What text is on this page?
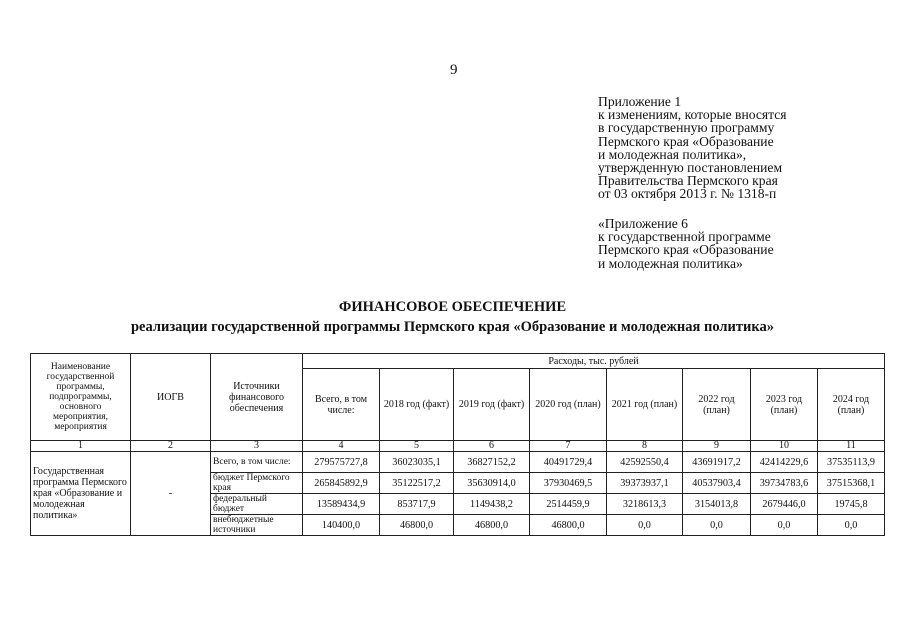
9
Приложение 1
к изменениям, которые вносятся
в государственную программу
Пермского края «Образование
и молодежная политика»,
утвержденную постановлением
Правительства Пермского края
от 03 октября 2013 г. № 1318-п
«Приложение 6
к государственной программе
Пермского края «Образование
и молодежная политика»
ФИНАНСОВОЕ ОБЕСПЕЧЕНИЕ
реализации государственной программы Пермского края «Образование и молодежная политика»
Наименование государственной программы, подпрограммы, основного мероприятия, мероприятия	ИОГВ	Источники финансового обеспечения	Расходы, тыс. рублей							
			Всего, в том числе:	2018 год (факт)	2019 год (факт)	2020 год (план)	2021 год (план)	2022 год (план)	2023 год (план)	2024 год (план)
1	2	3	4	5	6	7	8	9	10	11
Государственная программа Пермского края «Образование и молодежная политика»	-	Всего, в том числе:	279575727,8	36023035,1	36827152,2	40491729,4	42592550,4	43691917,2	42414229,6	37535113,9
		бюджет Пермского края	265845892,9	35122517,2	35630914,0	37930469,5	39373937,1	40537903,4	39734783,6	37515368,1
		федеральный бюджет	13589434,9	853717,9	1149438,2	2514459,9	3218613,3	3154013,8	2679446,0	19745,8
		внебюджетные источники	140400,0	46800,0	46800,0	46800,0	0,0	0,0	0,0	0,0
